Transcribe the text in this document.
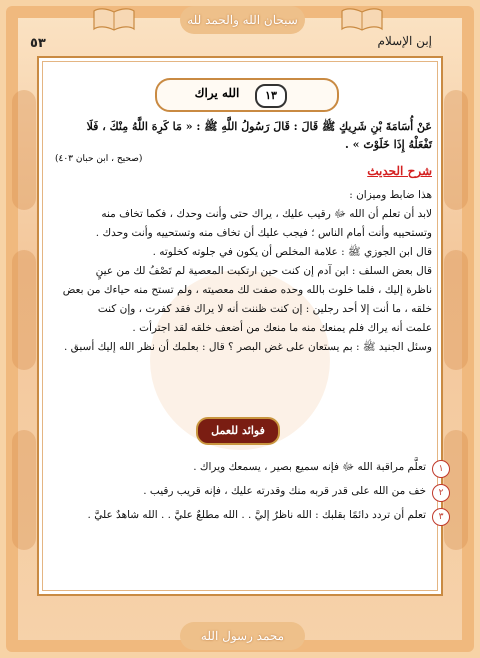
سبحان الله والحمد لله
٥٣	إبن الإسلام
١٣
الله يراك
عَنْ أُسَامَةَ بْنِ شَرِيكٍ ﷺ قَالَ : قَالَ رَسُولُ اللَّهِ ﷺ : « مَا كَرِهَ اللَّهُ مِنْكَ ، فَلَا
تَفْعَلْهُ إِذَا خَلَوْتَ » .
(صحيح ، ابن حبان ٤٠٣)
شرح الحديث
هذا ضابط وميزان :
لابد أن تعلم أن الله ﷻ رقيب عليك ، يراك حتى وأنت وحدك ، فكما تخاف منه
وتستحييه وأنت أمام الناس ؛ فيجب عليك أن تخاف منه وتستحييه وأنت وحدك .
قال ابن الجوزي ﷺ : علامة المخلص أن يكون في جلوته كخلوته .
قال بعض السلف : ابن آدم إن كنت حين ارتكبت المعصية لم تَصْفُ لك من عينٍ
ناظرة إليك ، فلما خلوت بالله وحده صفت لك معصيته ، ولم تستح منه حياءك من بعض
خلقه ، ما أنت إلا أحد رجلين : إن كنت ظننت أنه لا يراك فقد كفرت ، وإن كنت
علمت أنه يراك فلم يمنعك منه ما منعك من أضعف خلقه لقد اجترأت .
وسئل الجنيد ﷺ : بم يستعان على غض البصر ؟ قال : بعلمك أن نظر الله إليك أسبق .
فوائد للعمل
١
تعلَّم مراقبة الله ﷻ فإنه سميع بصير ، يسمعك ويراك .
٢
خف من الله على قدر قربه منك وقدرته عليك ، فإنه قريب رقيب .
٣
تعلم أن تردد دائمًا بقلبك : الله ناظرٌ إليَّ . . الله مطلعٌ عليَّ . . الله شاهدٌ عليَّ .
محمد رسول الله
